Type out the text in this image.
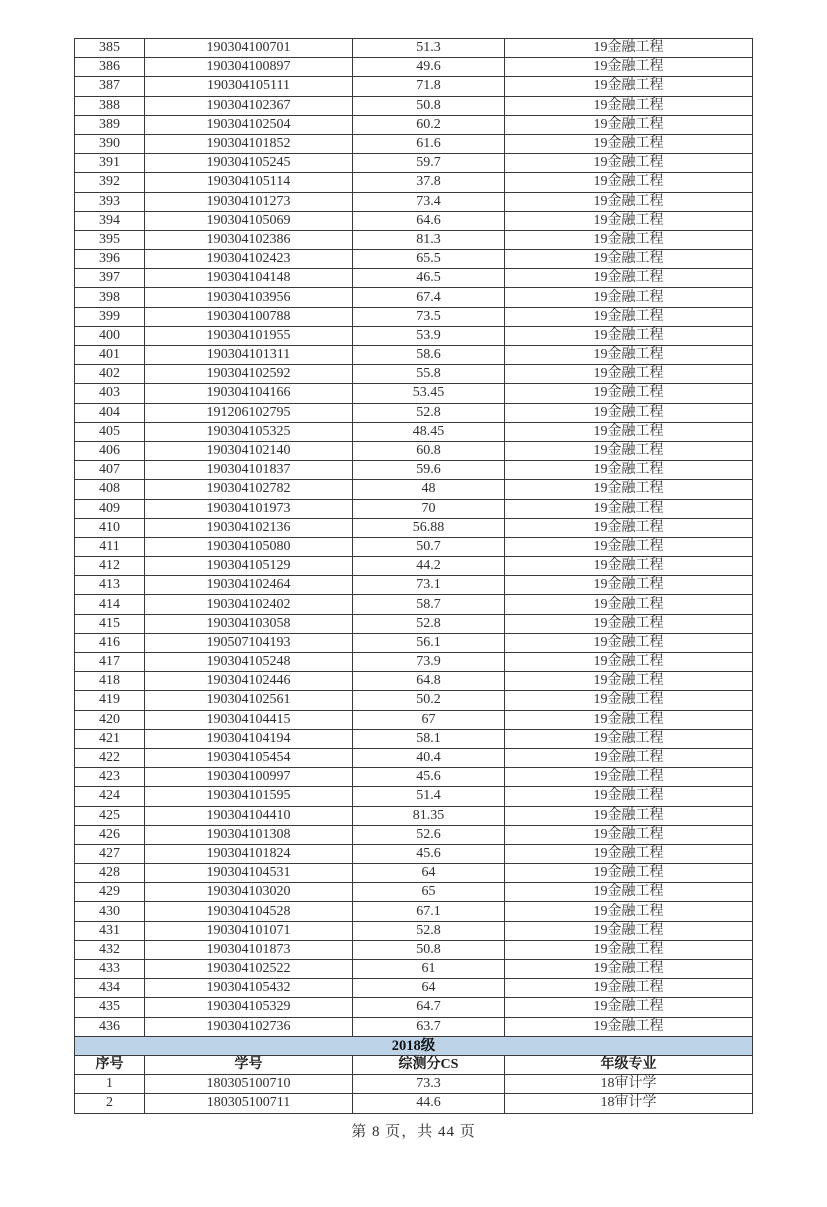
385	190304100701	51.3	19金融工程
386	190304100897	49.6	19金融工程
387	190304105111	71.8	19金融工程
388	190304102367	50.8	19金融工程
389	190304102504	60.2	19金融工程
390	190304101852	61.6	19金融工程
391	190304105245	59.7	19金融工程
392	190304105114	37.8	19金融工程
393	190304101273	73.4	19金融工程
394	190304105069	64.6	19金融工程
395	190304102386	81.3	19金融工程
396	190304102423	65.5	19金融工程
397	190304104148	46.5	19金融工程
398	190304103956	67.4	19金融工程
399	190304100788	73.5	19金融工程
400	190304101955	53.9	19金融工程
401	190304101311	58.6	19金融工程
402	190304102592	55.8	19金融工程
403	190304104166	53.45	19金融工程
404	191206102795	52.8	19金融工程
405	190304105325	48.45	19金融工程
406	190304102140	60.8	19金融工程
407	190304101837	59.6	19金融工程
408	190304102782	48	19金融工程
409	190304101973	70	19金融工程
410	190304102136	56.88	19金融工程
411	190304105080	50.7	19金融工程
412	190304105129	44.2	19金融工程
413	190304102464	73.1	19金融工程
414	190304102402	58.7	19金融工程
415	190304103058	52.8	19金融工程
416	190507104193	56.1	19金融工程
417	190304105248	73.9	19金融工程
418	190304102446	64.8	19金融工程
419	190304102561	50.2	19金融工程
420	190304104415	67	19金融工程
421	190304104194	58.1	19金融工程
422	190304105454	40.4	19金融工程
423	190304100997	45.6	19金融工程
424	190304101595	51.4	19金融工程
425	190304104410	81.35	19金融工程
426	190304101308	52.6	19金融工程
427	190304101824	45.6	19金融工程
428	190304104531	64	19金融工程
429	190304103020	65	19金融工程
430	190304104528	67.1	19金融工程
431	190304101071	52.8	19金融工程
432	190304101873	50.8	19金融工程
433	190304102522	61	19金融工程
434	190304105432	64	19金融工程
435	190304105329	64.7	19金融工程
436	190304102736	63.7	19金融工程
2018级			
序号	学号	综测分CS	年级专业
1	180305100710	73.3	18审计学
2	180305100711	44.6	18审计学
第 8 页，共 44 页
